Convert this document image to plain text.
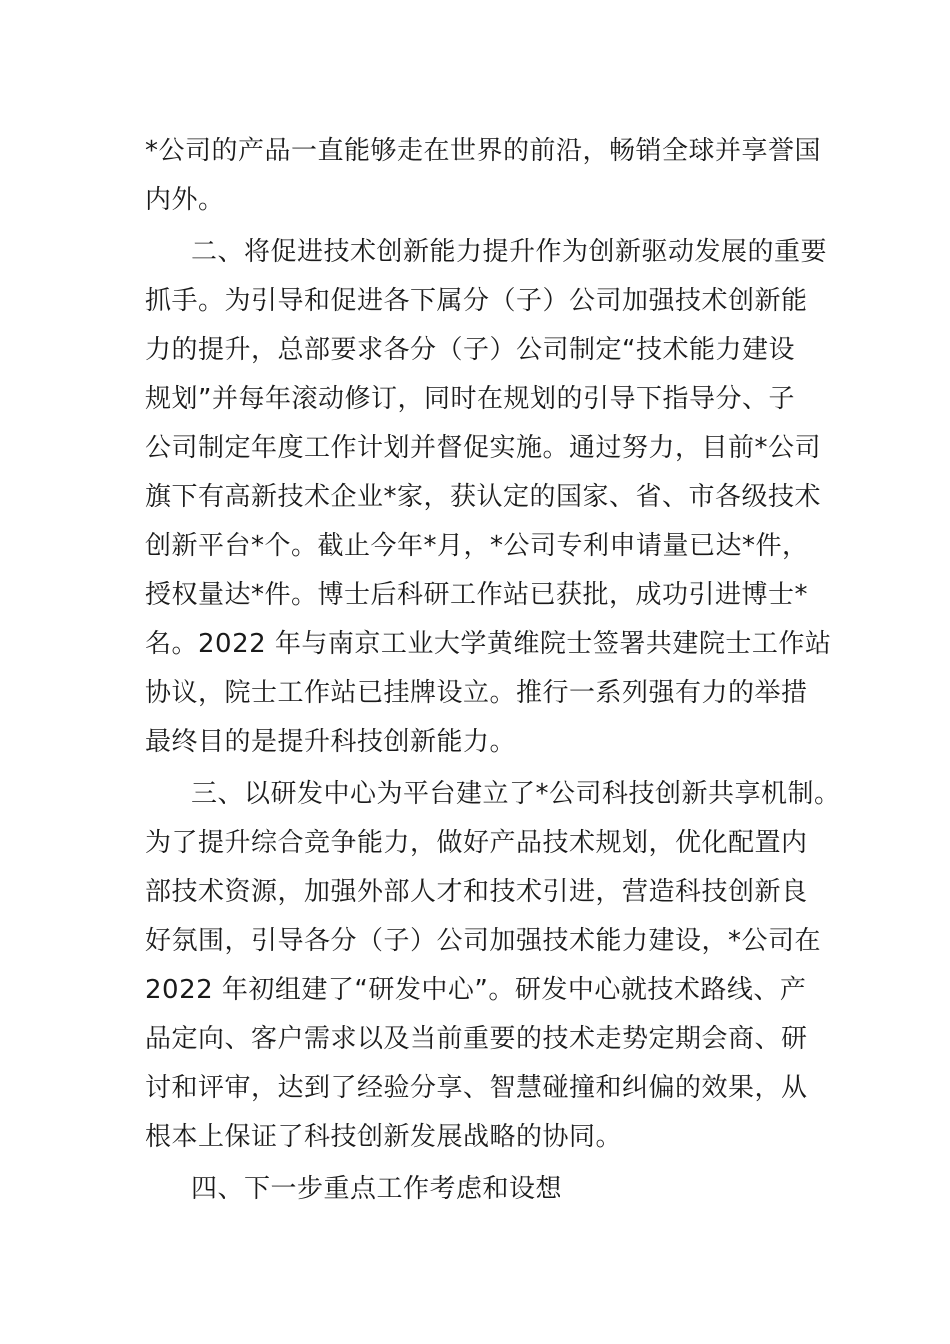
*公司的产品一直能够走在世界的前沿，畅销全球并享誉国
内外。
二、将促进技术创新能力提升作为创新驱动发展的重要
抓手。为引导和促进各下属分（子）公司加强技术创新能
力的提升，总部要求各分（子）公司制定“技术能力建设
规划”并每年滚动修订，同时在规划的引导下指导分、子
公司制定年度工作计划并督促实施。通过努力，目前*公司
旗下有高新技术企业*家，获认定的国家、省、市各级技术
创新平台*个。截止今年*月，*公司专利申请量已达*件，
授权量达*件。博士后科研工作站已获批，成功引进博士*
名。2022 年与南京工业大学黄维院士签署共建院士工作站
协议，院士工作站已挂牌设立。推行一系列强有力的举措
最终目的是提升科技创新能力。
三、以研发中心为平台建立了*公司科技创新共享机制。
为了提升综合竞争能力，做好产品技术规划，优化配置内
部技术资源，加强外部人才和技术引进，营造科技创新良
好氛围，引导各分（子）公司加强技术能力建设，*公司在
2022 年初组建了“研发中心”。研发中心就技术路线、产
品定向、客户需求以及当前重要的技术走势定期会商、研
讨和评审，达到了经验分享、智慧碰撞和纠偏的效果，从
根本上保证了科技创新发展战略的协同。
四、下一步重点工作考虑和设想
